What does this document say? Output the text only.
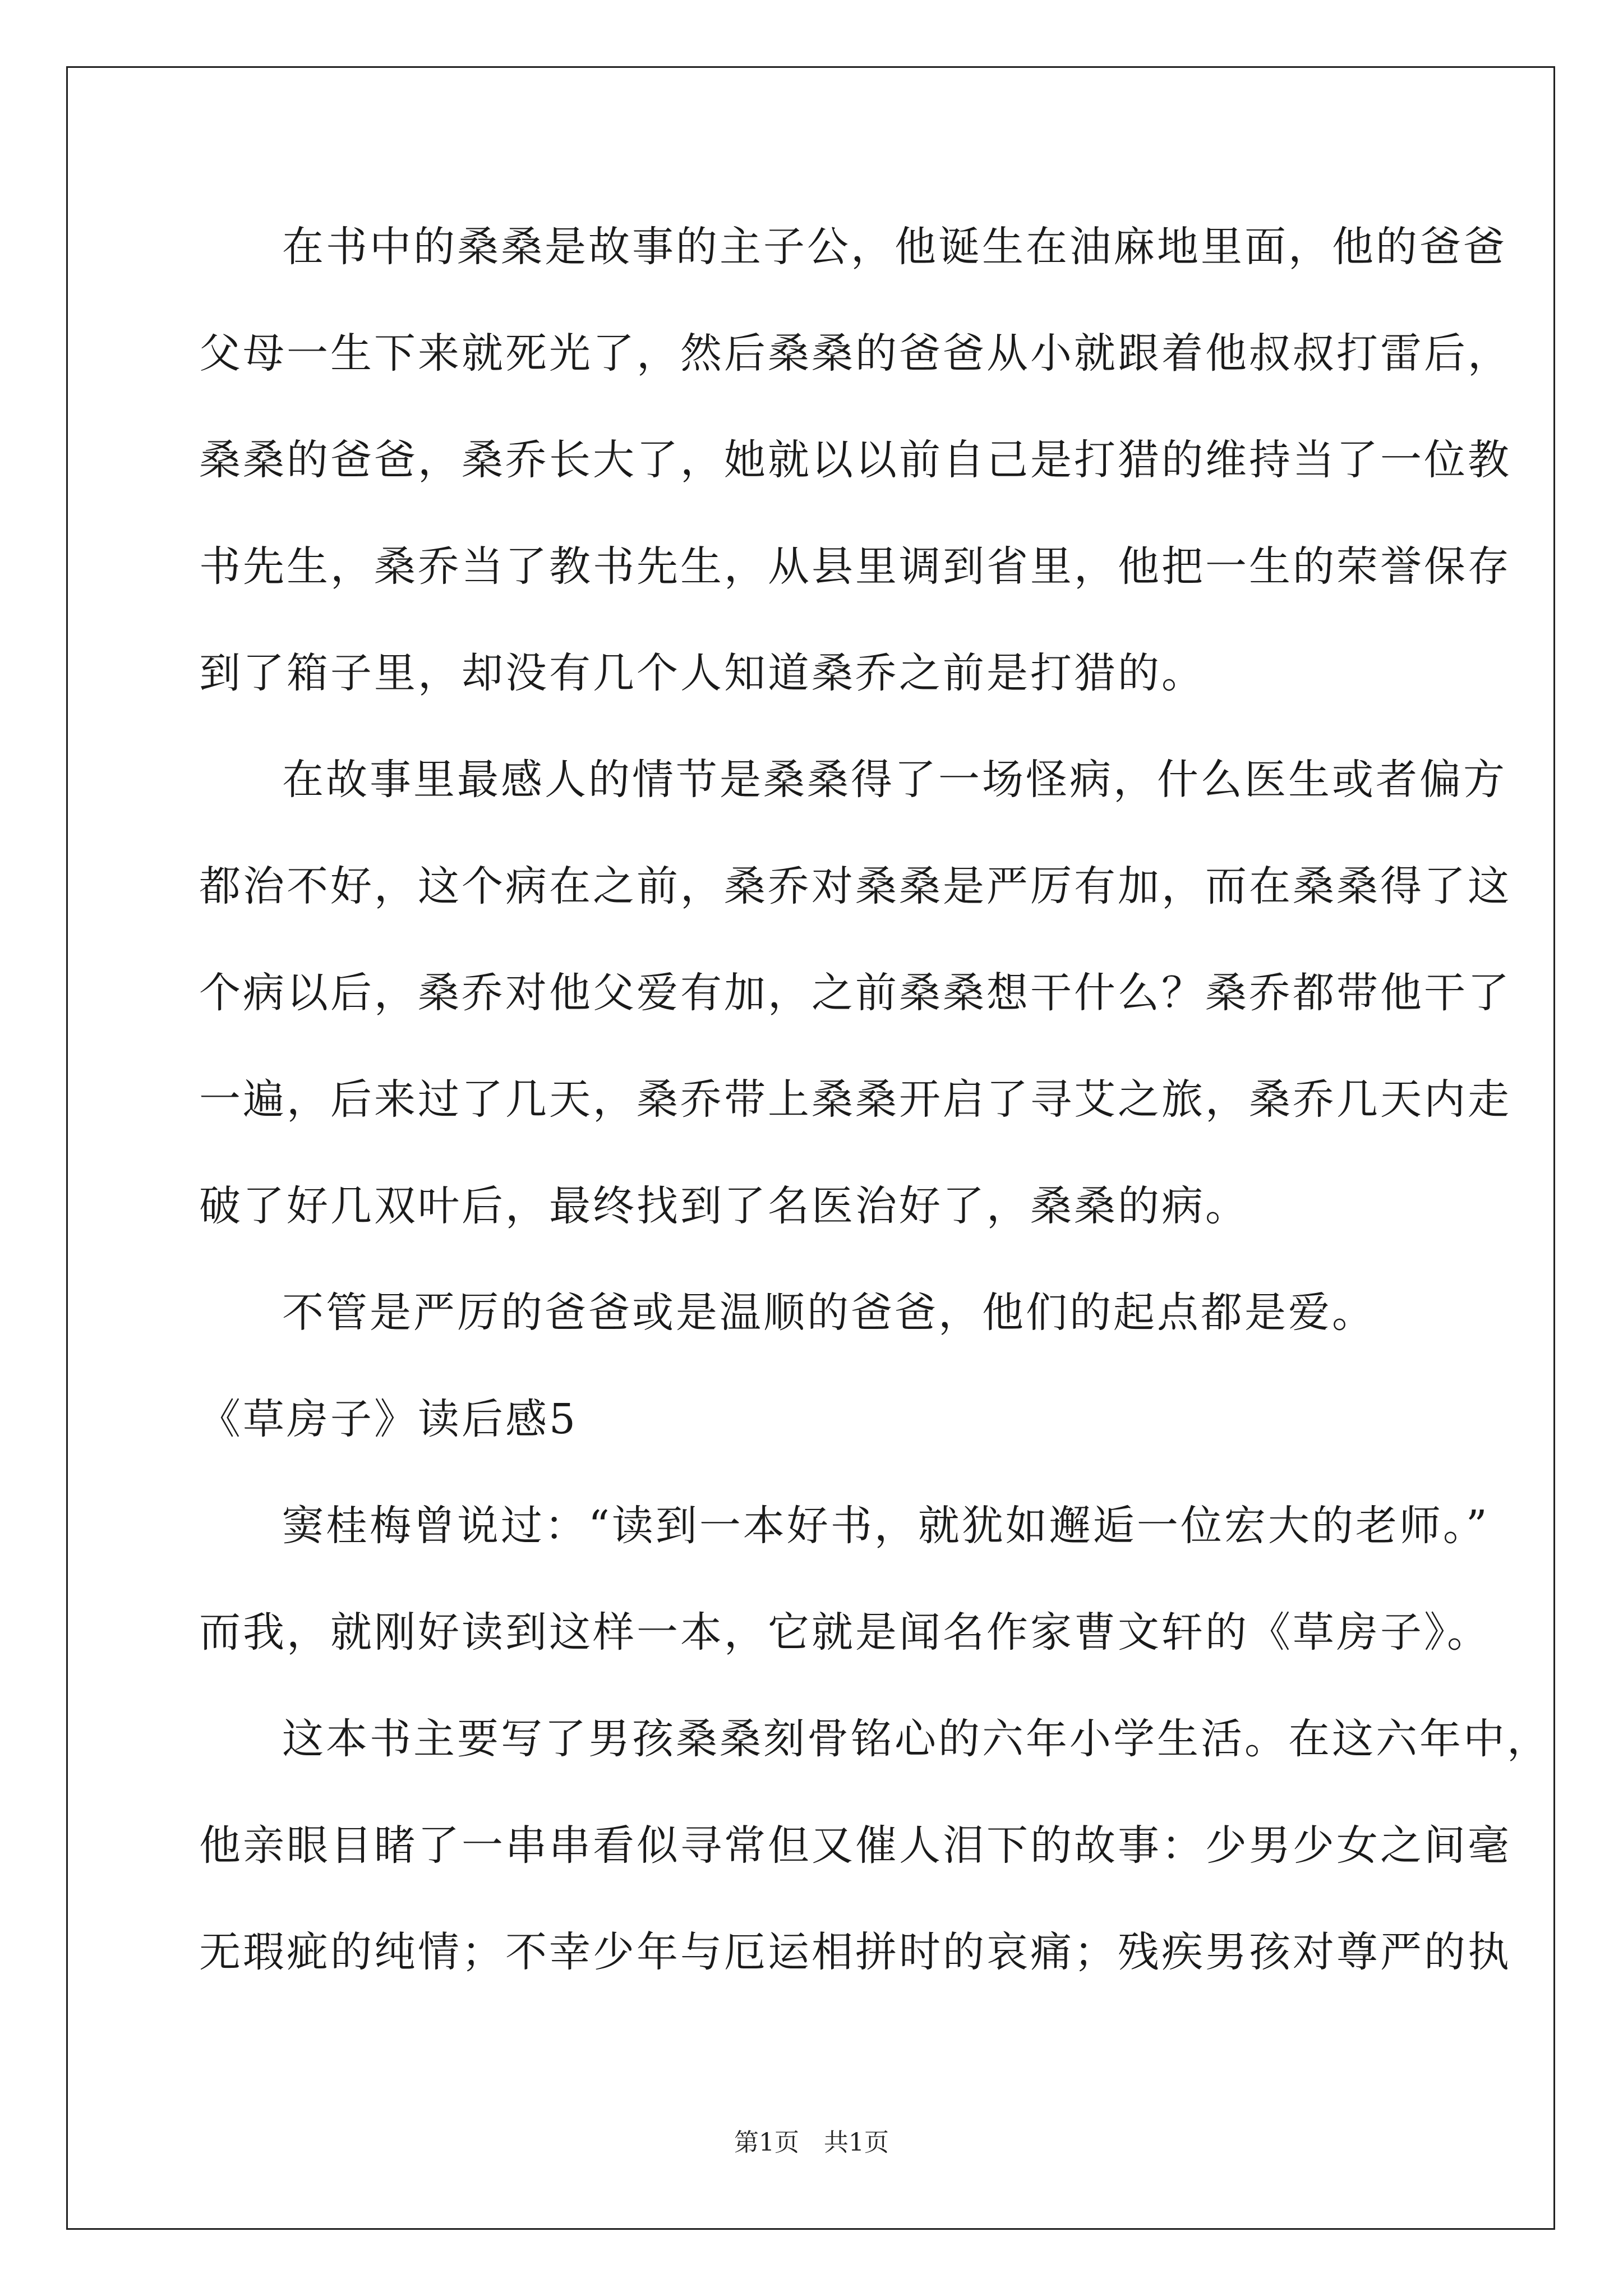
在书中的桑桑是故事的主子公，他诞生在油麻地里面，他的爸爸
父母一生下来就死光了，然后桑桑的爸爸从小就跟着他叔叔打雷后，
桑桑的爸爸，桑乔长大了，她就以以前自己是打猎的维持当了一位教
书先生，桑乔当了教书先生，从县里调到省里，他把一生的荣誉保存
到了箱子里，却没有几个人知道桑乔之前是打猎的。
在故事里最感人的情节是桑桑得了一场怪病，什么医生或者偏方
都治不好，这个病在之前，桑乔对桑桑是严厉有加，而在桑桑得了这
个病以后，桑乔对他父爱有加，之前桑桑想干什么？桑乔都带他干了
一遍，后来过了几天，桑乔带上桑桑开启了寻艾之旅，桑乔几天内走
破了好几双叶后，最终找到了名医治好了，桑桑的病。
不管是严厉的爸爸或是温顺的爸爸，他们的起点都是爱。
《草房子》读后感5
窦桂梅曾说过：“读到一本好书，就犹如邂逅一位宏大的老师。”
而我，就刚好读到这样一本，它就是闻名作家曹文轩的《草房子》。
这本书主要写了男孩桑桑刻骨铭心的六年小学生活。在这六年中，
他亲眼目睹了一串串看似寻常但又催人泪下的故事：少男少女之间毫
无瑕疵的纯情；不幸少年与厄运相拼时的哀痛；残疾男孩对尊严的执
第1页　共1页
